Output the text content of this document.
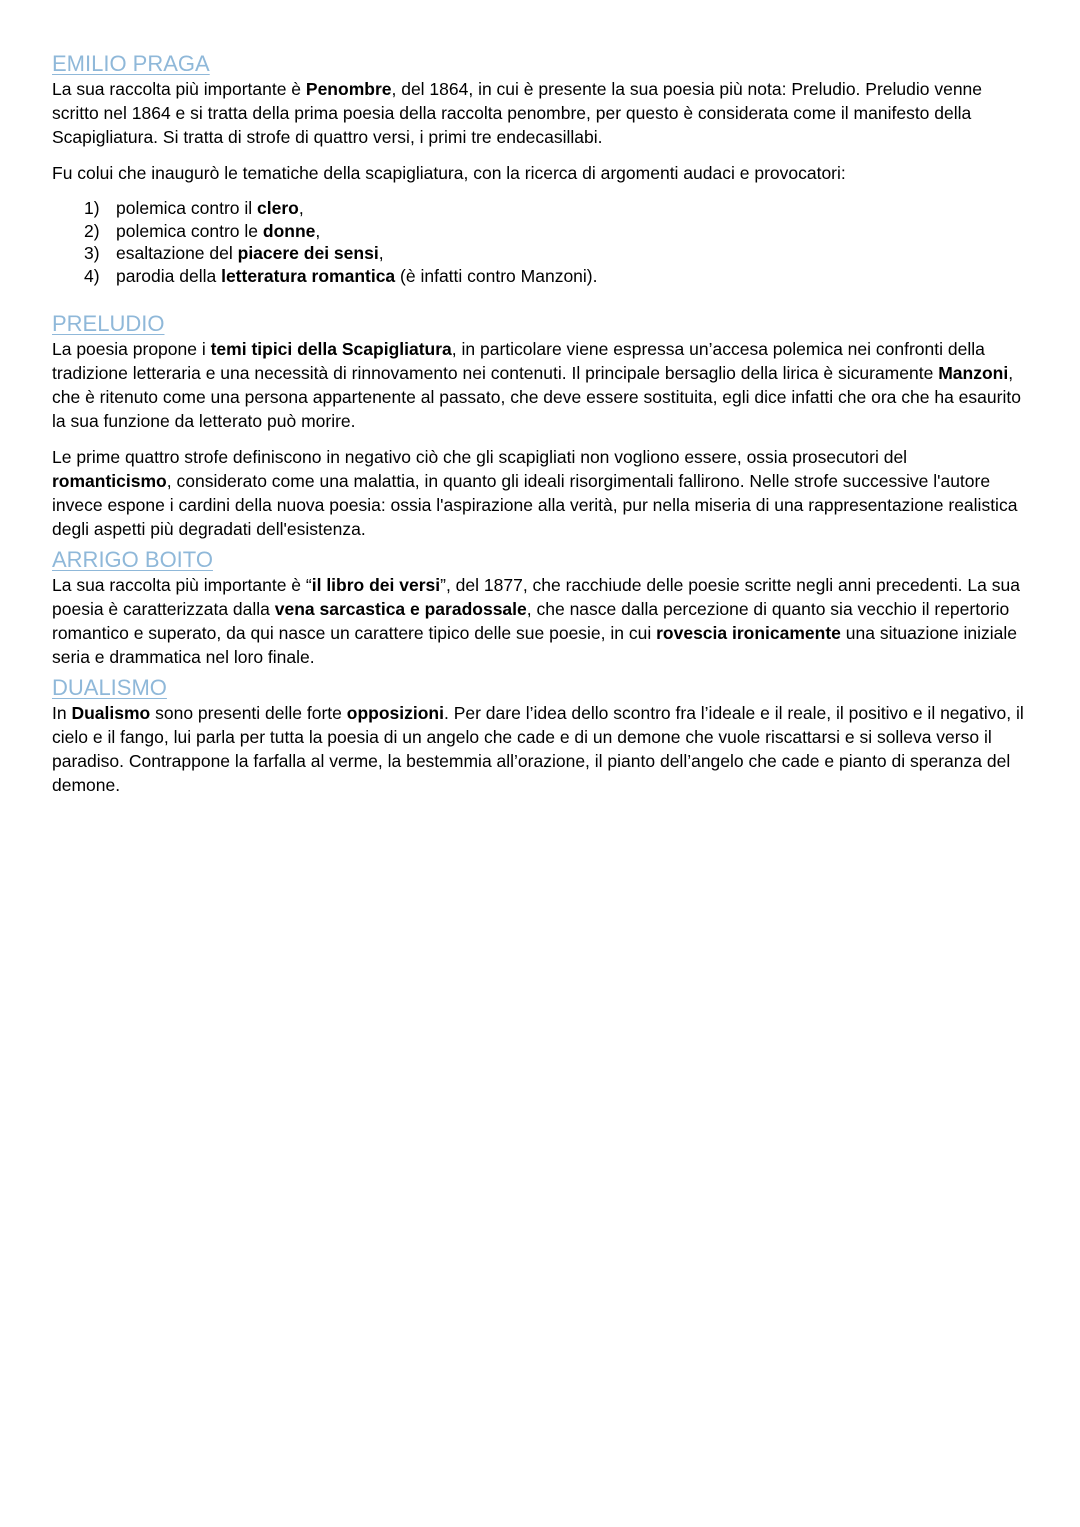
EMILIO PRAGA

La sua raccolta più importante è Penombre, del 1864, in cui è presente la sua poesia più nota: Preludio. Preludio venne scritto nel 1864 e si tratta della prima poesia della raccolta penombre, per questo è considerata come il manifesto della Scapigliatura. Si tratta di strofe di quattro versi, i primi tre endecasillabi.

Fu colui che inaugurò le tematiche della scapigliatura, con la ricerca di argomenti audaci e provocatori:

1) polemica contro il clero,
2) polemica contro le donne,
3) esaltazione del piacere dei sensi,
4) parodia della letteratura romantica (è infatti contro Manzoni).
PRELUDIO

La poesia propone i temi tipici della Scapigliatura, in particolare viene espressa un’accesa polemica nei confronti della tradizione letteraria e una necessità di rinnovamento nei contenuti. Il principale bersaglio della lirica è sicuramente Manzoni, che è ritenuto come una persona appartenente al passato, che deve essere sostituita, egli dice infatti che ora che ha esaurito la sua funzione da letterato può morire.

Le prime quattro strofe definiscono in negativo ciò che gli scapigliati non vogliono essere, ossia prosecutori del romanticismo, considerato come una malattia, in quanto gli ideali risorgimentali fallirono. Nelle strofe successive l'autore invece espone i cardini della nuova poesia: ossia l'aspirazione alla verità, pur nella miseria di una rappresentazione realistica degli aspetti più degradati dell'esistenza.

ARRIGO BOITO

La sua raccolta più importante è “il libro dei versi”, del 1877, che racchiude delle poesie scritte negli anni precedenti. La sua poesia è caratterizzata dalla vena sarcastica e paradossale, che nasce dalla percezione di quanto sia vecchio il repertorio romantico e superato, da qui nasce un carattere tipico delle sue poesie, in cui rovescia ironicamente una situazione iniziale seria e drammatica nel loro finale.

DUALISMO

In Dualismo sono presenti delle forte opposizioni. Per dare l’idea dello scontro fra l’ideale e il reale, il positivo e il negativo, il cielo e il fango, lui parla per tutta la poesia di un angelo che cade e di un demone che vuole riscattarsi e si solleva verso il paradiso. Contrappone la farfalla al verme, la bestemmia all’orazione, il pianto dell’angelo che cade e pianto di speranza del demone.
